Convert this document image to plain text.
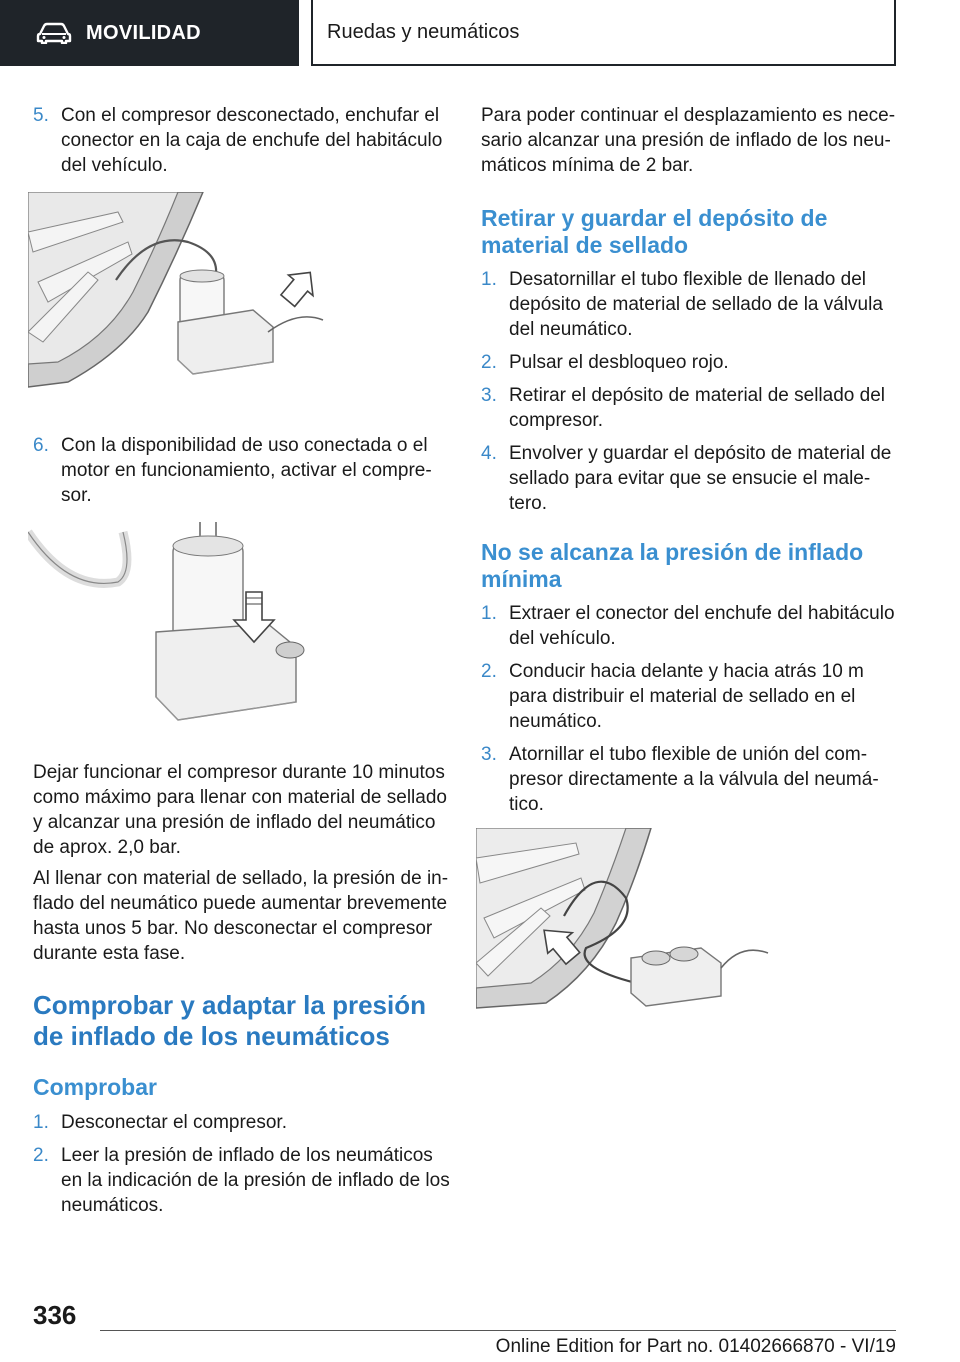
MOVILIDAD	Ruedas y neumáticos
5. Con el compresor desconectado, enchufar el conector en la caja de enchufe del habitáculo del vehículo.
6. Con la disponibilidad de uso conectada o el motor en funcionamiento, activar el compresor.

Dejar funcionar el compresor durante 10 minutos como máximo para llenar con material de sellado y alcanzar una presión de inflado del neumático de aprox. 2,0 bar.

Al llenar con material de sellado, la presión de inflado del neumático puede aumentar brevemente hasta unos 5 bar. No desconectar el compresor durante esta fase.

Comprobar y adaptar la presión de inflado de los neumáticos
Comprobar
1. Desconectar el compresor.
2. Leer la presión de inflado de los neumáticos en la indicación de la presión de inflado de los neumáticos.

Para poder continuar el desplazamiento es necesario alcanzar una presión de inflado de los neumáticos mínima de 2 bar.

Retirar y guardar el depósito de material de sellado
1. Desatornillar el tubo flexible de llenado del depósito de material de sellado de la válvula del neumático.
2. Pulsar el desbloqueo rojo.
3. Retirar el depósito de material de sellado del compresor.
4. Envolver y guardar el depósito de material de sellado para evitar que se ensucie el maletero.
No se alcanza la presión de inflado mínima
1. Extraer el conector del enchufe del habitáculo del vehículo.
2. Conducir hacia delante y hacia atrás 10 m para distribuir el material de sellado en el neumático.
3. Atornillar el tubo flexible de unión del compresor directamente a la válvula del neumático.
336
Online Edition for Part no. 01402666870 - VI/19
